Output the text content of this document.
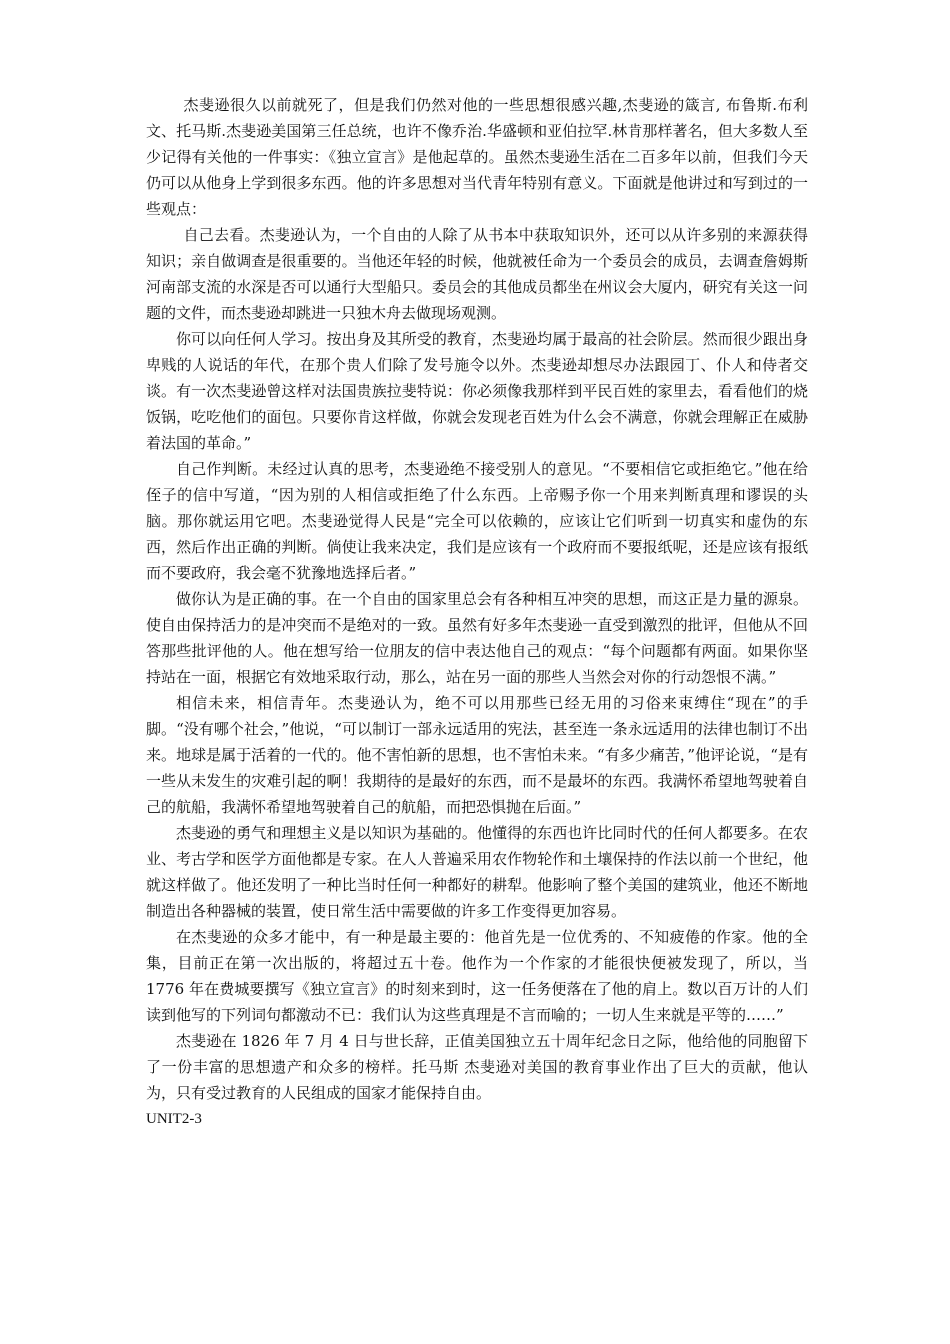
杰斐逊很久以前就死了，但是我们仍然对他的一些思想很感兴趣,杰斐逊的箴言, 布鲁斯.布利文、托马斯.杰斐逊美国第三任总统，也许不像乔治.华盛顿和亚伯拉罕.林肯那样著名，但大多数人至少记得有关他的一件事实：《独立宣言》是他起草的。虽然杰斐逊生活在二百多年以前，但我们今天仍可以从他身上学到很多东西。他的许多思想对当代青年特别有意义。下面就是他讲过和写到过的一些观点：

自己去看。杰斐逊认为，一个自由的人除了从书本中获取知识外，还可以从许多别的来源获得知识；亲自做调查是很重要的。当他还年轻的时候，他就被任命为一个委员会的成员，去调查詹姆斯河南部支流的水深是否可以通行大型船只。委员会的其他成员都坐在州议会大厦内，研究有关这一问题的文件，而杰斐逊却跳进一只独木舟去做现场观测。

你可以向任何人学习。按出身及其所受的教育，杰斐逊均属于最高的社会阶层。然而很少跟出身卑贱的人说话的年代，在那个贵人们除了发号施令以外。杰斐逊却想尽办法跟园丁、仆人和侍者交谈。有一次杰斐逊曾这样对法国贵族拉斐特说：你必须像我那样到平民百姓的家里去，看看他们的烧饭锅，吃吃他们的面包。只要你肯这样做，你就会发现老百姓为什么会不满意，你就会理解正在威胁着法国的革命。”

自己作判断。未经过认真的思考，杰斐逊绝不接受别人的意见。“不要相信它或拒绝它。”他在给侄子的信中写道，“因为别的人相信或拒绝了什么东西。上帝赐予你一个用来判断真理和谬误的头脑。那你就运用它吧。杰斐逊觉得人民是“完全可以依赖的，应该让它们听到一切真实和虚伪的东西，然后作出正确的判断。倘使让我来决定，我们是应该有一个政府而不要报纸呢，还是应该有报纸而不要政府，我会毫不犹豫地选择后者。”

做你认为是正确的事。在一个自由的国家里总会有各种相互冲突的思想，而这正是力量的源泉。使自由保持活力的是冲突而不是绝对的一致。虽然有好多年杰斐逊一直受到激烈的批评，但他从不回答那些批评他的人。他在想写给一位朋友的信中表达他自己的观点：“每个问题都有两面。如果你坚持站在一面，根据它有效地采取行动，那么，站在另一面的那些人当然会对你的行动怨恨不满。”

相信未来，相信青年。杰斐逊认为，绝不可以用那些已经无用的习俗来束缚住“现在”的手脚。“没有哪个社会，”他说，“可以制订一部永远适用的宪法，甚至连一条永远适用的法律也制订不出来。地球是属于活着的一代的。他不害怕新的思想，也不害怕未来。“有多少痛苦，”他评论说，“是有一些从未发生的灾难引起的啊！我期待的是最好的东西，而不是最坏的东西。我满怀希望地驾驶着自己的航船，我满怀希望地驾驶着自己的航船，而把恐惧抛在后面。”

杰斐逊的勇气和理想主义是以知识为基础的。他懂得的东西也许比同时代的任何人都要多。在农业、考古学和医学方面他都是专家。在人人普遍采用农作物轮作和土壤保持的作法以前一个世纪，他就这样做了。他还发明了一种比当时任何一种都好的耕犁。他影响了整个美国的建筑业，他还不断地制造出各种器械的装置，使日常生活中需要做的许多工作变得更加容易。

在杰斐逊的众多才能中，有一种是最主要的：他首先是一位优秀的、不知疲倦的作家。他的全集，目前正在第一次出版的，将超过五十卷。他作为一个作家的才能很快便被发现了，所以，当 1776 年在费城要撰写《独立宣言》的时刻来到时，这一任务便落在了他的肩上。数以百万计的人们读到他写的下列词句都激动不已：我们认为这些真理是不言而喻的；一切人生来就是平等的……”

杰斐逊在 1826 年 7 月 4 日与世长辞，正值美国独立五十周年纪念日之际，他给他的同胞留下了一份丰富的思想遗产和众多的榜样。托马斯 杰斐逊对美国的教育事业作出了巨大的贡献，他认为，只有受过教育的人民组成的国家才能保持自由。

UNIT2-3
